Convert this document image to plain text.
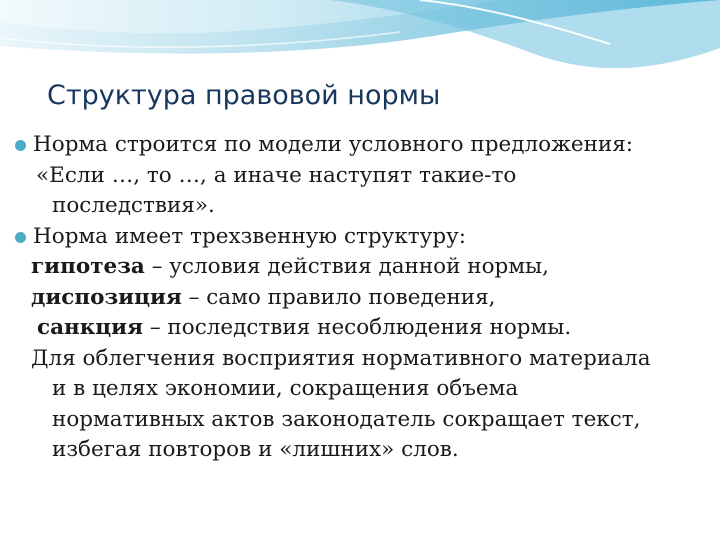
Структура правовой нормы
Норма строится по модели условного предложения:
«Если …, то …, а иначе наступят такие-то
последствия».
Норма имеет трехзвенную структуру:
гипотеза – условия действия данной нормы,
диспозиция – само правило поведения,
санкция – последствия несоблюдения нормы.
Для облегчения восприятия нормативного материала
и в целях экономии, сокращения объема
нормативных актов законодатель сокращает текст,
избегая повторов и «лишних» слов.
